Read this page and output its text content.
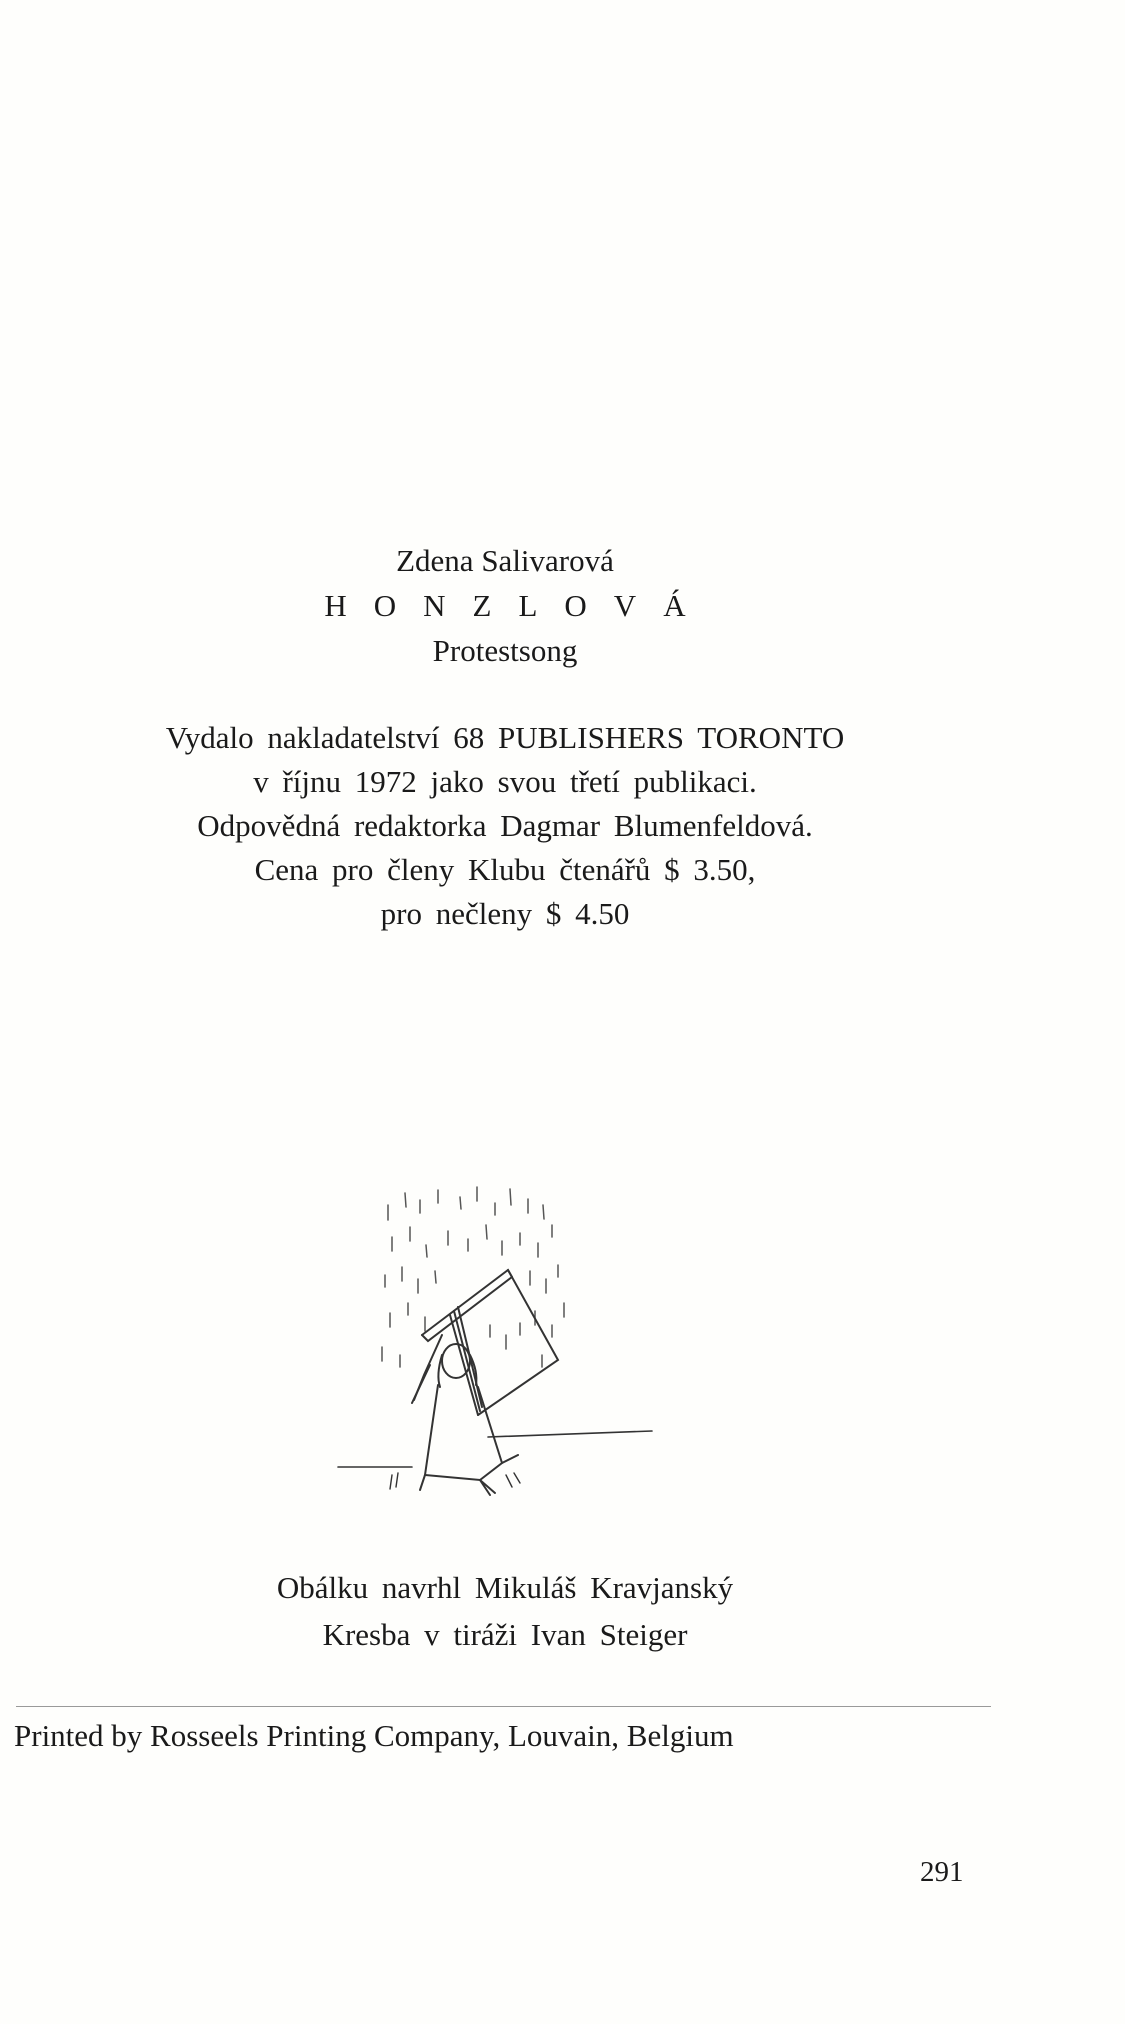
Zdena Salivarová
HONZLOVÁ
Protestsong
Vydalo nakladatelství 68 PUBLISHERS TORONTO
v říjnu 1972 jako svou třetí publikaci.
Odpovědná redaktorka Dagmar Blumenfeldová.
Cena pro členy Klubu čtenářů $ 3.50,
pro nečleny $ 4.50
Obálku navrhl Mikuláš Kravjanský
Kresba v tiráži Ivan Steiger
Printed by Rosseels Printing Company, Louvain, Belgium
291
